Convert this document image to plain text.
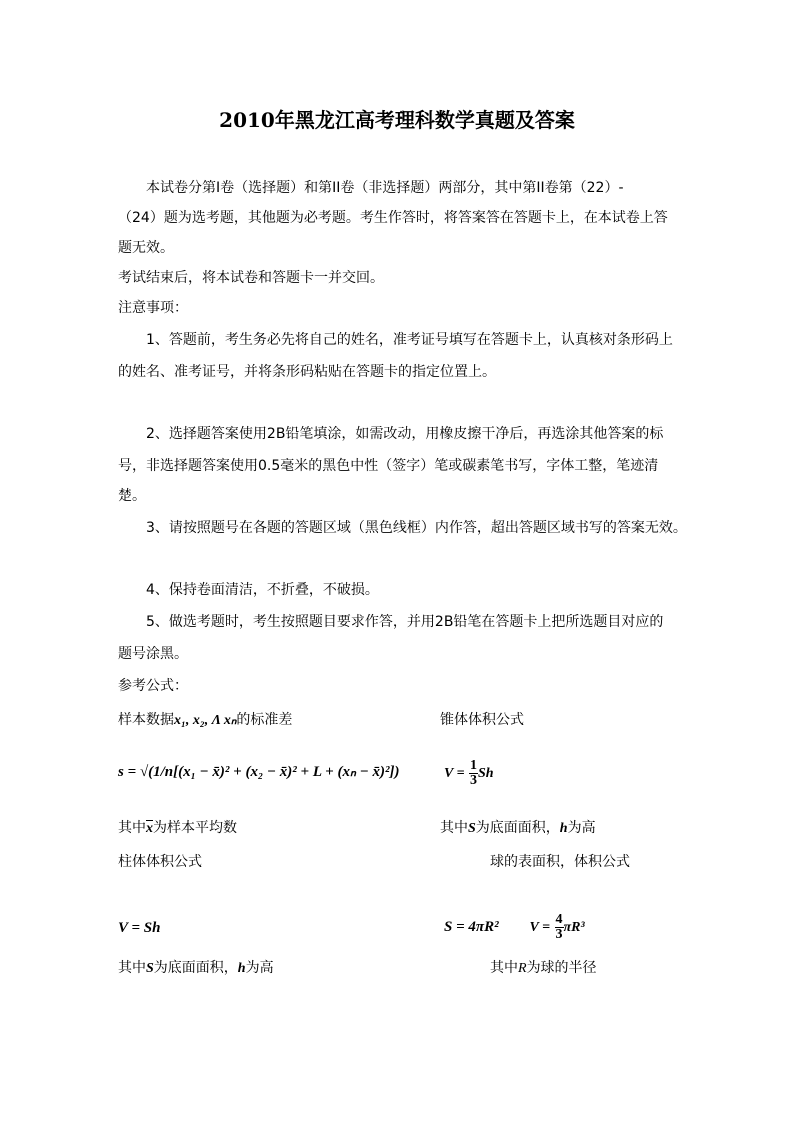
2010年黑龙江高考理科数学真题及答案
本试卷分第Ⅰ卷（选择题）和第II卷（非选择题）两部分，其中第II卷第（22）-
（24）题为选考题，其他题为必考题。考生作答时，将答案答在答题卡上，在本试卷上答
题无效。
考试结束后，将本试卷和答题卡一并交回。
注意事项：
1、答题前，考生务必先将自己的姓名，准考证号填写在答题卡上，认真核对条形码上
的姓名、准考证号，并将条形码粘贴在答题卡的指定位置上。
2、选择题答案使用2B铅笔填涂，如需改动，用橡皮擦干净后，再选涂其他答案的标
号，非选择题答案使用0.5毫米的黑色中性（签字）笔或碳素笔书写，字体工整，笔迹清
楚。
3、请按照题号在各题的答题区域（黑色线框）内作答，超出答题区域书写的答案无效。
4、保持卷面清洁，不折叠，不破损。
5、做选考题时，考生按照题目要求作答，并用2B铅笔在答题卡上把所选题目对应的
题号涂黑。
参考公式：
样本数据x₁, x₂, Λ xₙ的标准差	锥体体积公式
s = √(1/n[(x₁ − x̄)² + (x₂ − x̄)² + L + (xₙ − x̄)²])	$V = \frac{1}{3}$ Sh
其中$\overline{x}$为样本平均数	其中S为底面面积，h为高
柱体体积公式	球的表面积，体积公式
V = Sh	S = 4πR² $V = \frac{4}{3} \pi R^3$
其中S为底面面积，h为高	其中R为球的半径
